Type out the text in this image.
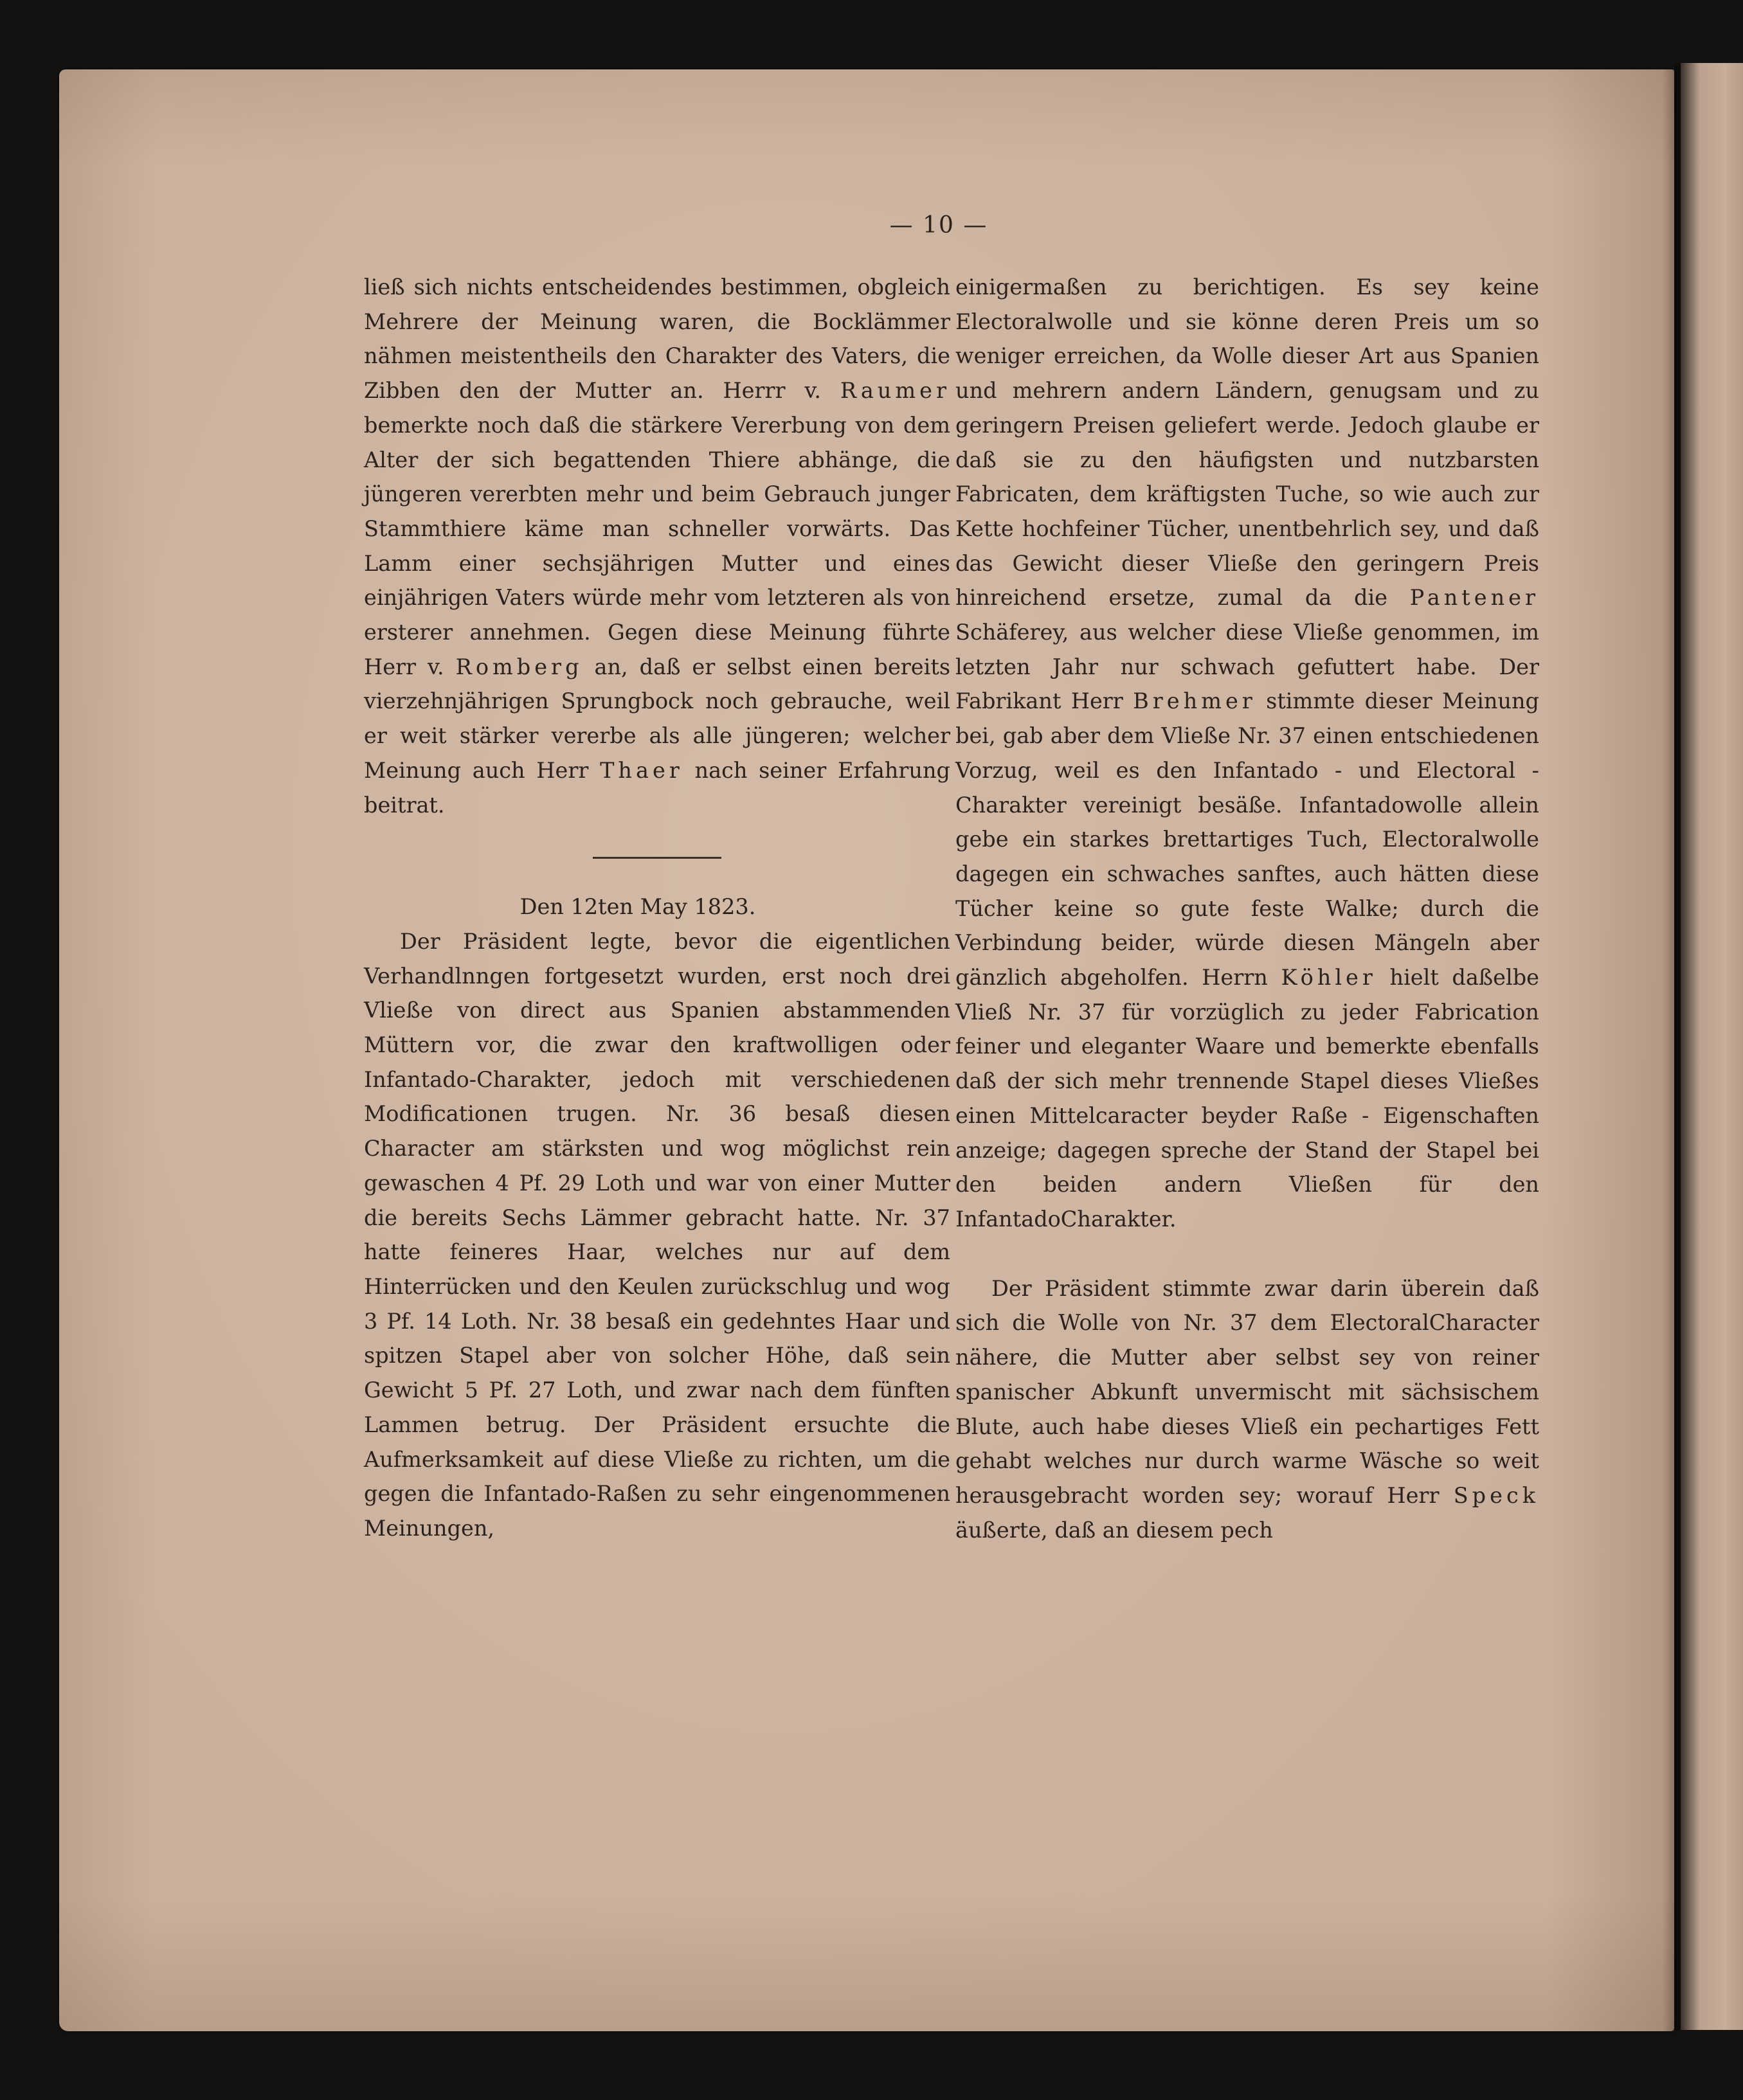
— 10 —

ließ sich nichts entscheidendes bestimmen, obgleich Mehrere der Meinung waren, die Bocklämmer nähmen meistentheils den Charakter des Vaters, die Zibben den der Mutter an. Herrr v. Raumer bemerkte noch daß die stärkere Vererbung von dem Alter der sich begattenden Thiere abhänge, die jüngeren vererbten mehr und beim Gebrauch junger Stammthiere käme man schneller vorwärts. Das Lamm einer sechsjährigen Mutter und eines einjährigen Vaters würde mehr vom letzteren als von ersterer annehmen. Gegen diese Meinung führte Herr v. Romberg an, daß er selbst einen bereits vierzehnjährigen Sprungbock noch gebrauche, weil er weit stärker vererbe als alle jüngeren; welcher Meinung auch Herr Thaer nach seiner Erfahrung beitrat.

Den 12ten May 1823.

Der Präsident legte, bevor die eigentlichen Verhandlnngen fortgesetzt wurden, erst noch drei Vließe von direct aus Spanien abstammenden Müttern vor, die zwar den kraftwolligen oder Infantado-Charakter, jedoch mit verschiedenen Modificationen trugen. Nr. 36 besaß diesen Character am stärksten und wog möglichst rein gewaschen 4 Pf. 29 Loth und war von einer Mutter die bereits Sechs Lämmer gebracht hatte. Nr. 37 hatte feineres Haar, welches nur auf dem Hinterrücken und den Keulen zurückschlug und wog 3 Pf. 14 Loth. Nr. 38 besaß ein gedehntes Haar und spitzen Stapel aber von solcher Höhe, daß sein Gewicht 5 Pf. 27 Loth, und zwar nach dem fünften Lammen betrug. Der Präsident ersuchte die Aufmerksamkeit auf diese Vließe zu richten, um die gegen die Infantado-Raßen zu sehr eingenommenen Meinungen,

einigermaßen zu berichtigen. Es sey keine Electoralwolle und sie könne deren Preis um so weniger erreichen, da Wolle dieser Art aus Spanien und mehrern andern Ländern, genugsam und zu geringern Preisen geliefert werde. Jedoch glaube er daß sie zu den häufigsten und nutzbarsten Fabricaten, dem kräftigsten Tuche, so wie auch zur Kette hochfeiner Tücher, unentbehrlich sey, und daß das Gewicht dieser Vließe den geringern Preis hinreichend ersetze, zumal da die Pantener Schäferey, aus welcher diese Vließe genommen, im letzten Jahr nur schwach gefuttert habe. Der Fabrikant Herr Brehmer stimmte dieser Meinung bei, gab aber dem Vließe Nr. 37 einen entschiedenen Vorzug, weil es den Infantado - und Electoral - Charakter vereinigt besäße. Infantadowolle allein gebe ein starkes brettartiges Tuch, Electoralwolle dagegen ein schwaches sanftes, auch hätten diese Tücher keine so gute feste Walke; durch die Verbindung beider, würde diesen Mängeln aber gänzlich abgeholfen. Herrn Köhler hielt daßelbe Vließ Nr. 37 für vorzüglich zu jeder Fabrication feiner und eleganter Waare und bemerkte ebenfalls daß der sich mehr trennende Stapel dieses Vließes einen Mittelcaracter beyder Raße - Eigenschaften anzeige; dagegen spreche der Stand der Stapel bei den beiden andern Vließen für den InfantadoCharakter.

Der Präsident stimmte zwar darin überein daß sich die Wolle von Nr. 37 dem ElectoralCharacter nähere, die Mutter aber selbst sey von reiner spanischer Abkunft unvermischt mit sächsischem Blute, auch habe dieses Vließ ein pechartiges Fett gehabt welches nur durch warme Wäsche so weit herausgebracht worden sey; worauf Herr Speck äußerte, daß an diesem pech
